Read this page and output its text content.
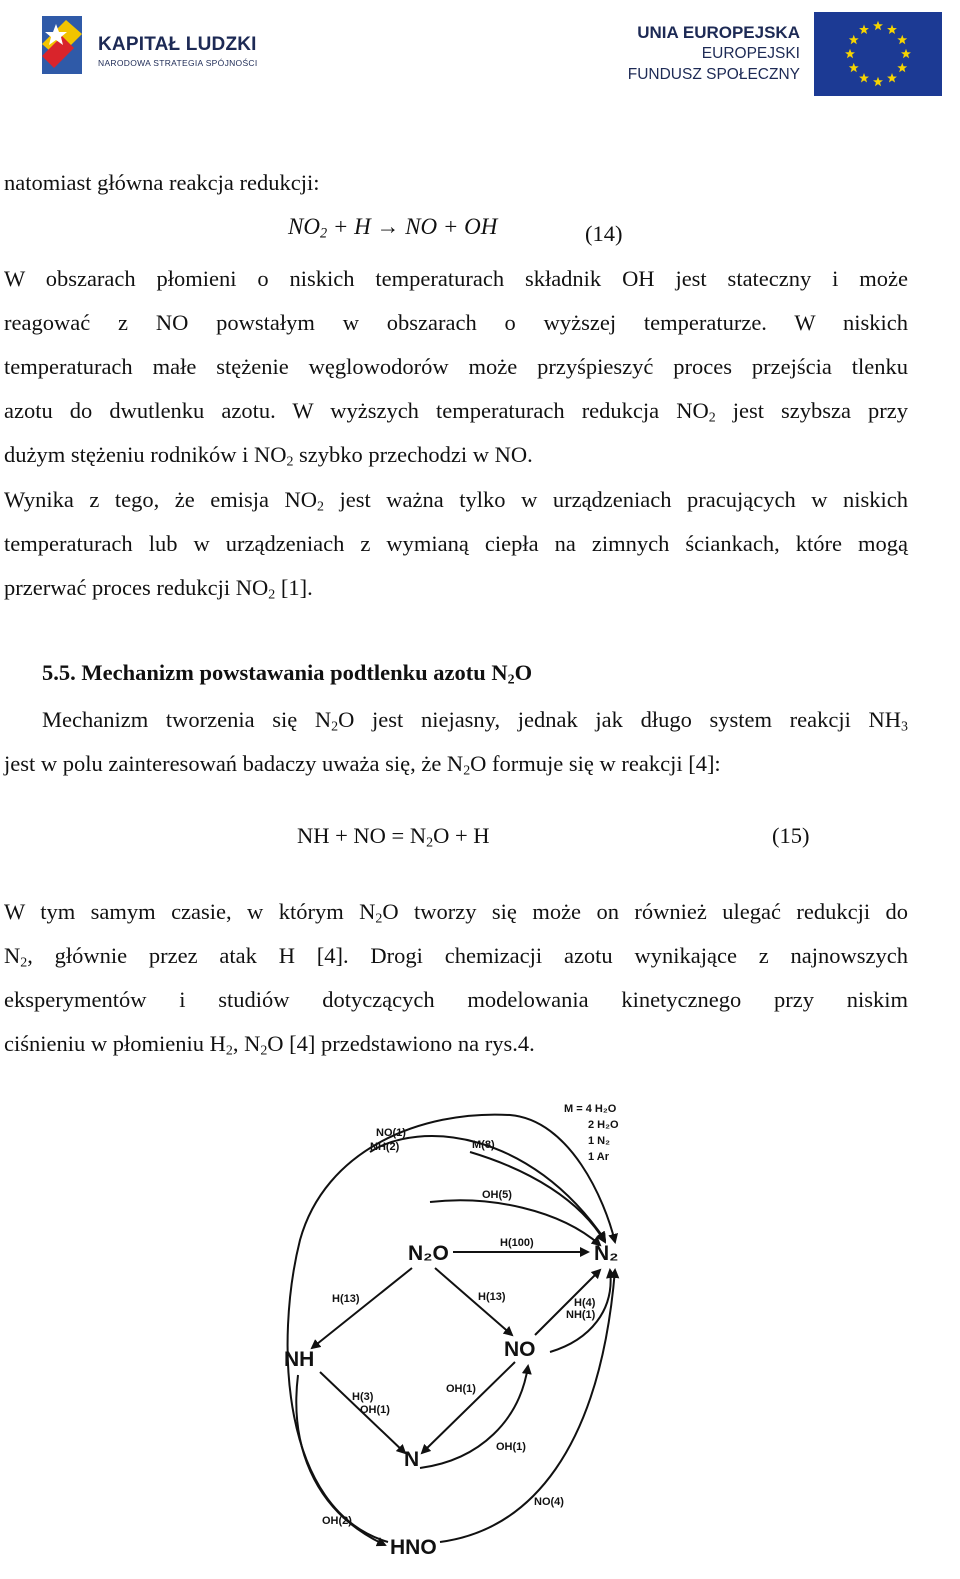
KAPITAŁ LUDZKI
NARODOWA STRATEGIA SPÓJNOŚCI
UNIA EUROPEJSKA
EUROPEJSKI
FUNDUSZ SPOŁECZNY
natomiast główna reakcja redukcji:
$NO_2 + H$ → NO + OH	(14)
W obszarach płomieni o niskich temperaturach składnik OH jest stateczny i może
reagować z NO powstałym w obszarach o wyższej temperaturze. W niskich
temperaturach małe stężenie węglowodorów może przyśpieszyć proces przejścia tlenku
azotu do dwutlenku azotu. W wyższych temperaturach redukcja $NO_2$ jest szybsza przy
dużym stężeniu rodników i $NO_2$ szybko przechodzi w NO.
Wynika z tego, że emisja $NO_2$ jest ważna tylko w urządzeniach pracujących w niskich
temperaturach lub w urządzeniach z wymianą ciepła na zimnych ściankach, które mogą
przerwać proces redukcji $NO_2$ [1].
5.5. Mechanizm powstawania podtlenku azotu $N_2O$
Mechanizm tworzenia się $N_2O$ jest niejasny, jednak jak długo system reakcji $NH_3$
jest w polu zainteresowań badaczy uważa się, że $N_2O$ formuje się w reakcji [4]:
NH + NO = $N_2O + H$	(15)
W tym samym czasie, w którym $N_2O$ tworzy się może on również ulegać redukcji do
$N_2$, głównie przez atak H [4]. Drogi chemizacji azotu wynikające z najnowszych
eksperymentów i studiów dotyczących modelowania kinetycznego przy niskim
ciśnieniu w płomieniu $H_2$, $N_2O$ [4] przedstawiono na rys.4.
M = 4 H₂O
2 H₂O
1 N₂
1 Ar
NO(1)
NH(2)	M(8)
OH(5)
H(100)
H(13)	H(13)	H(4)
NH(1)
H(3)
OH(1)
OH(1)
OH(1)
OH(2)
NO(4)
N₂O	N₂
NH	NO
N
HNO
